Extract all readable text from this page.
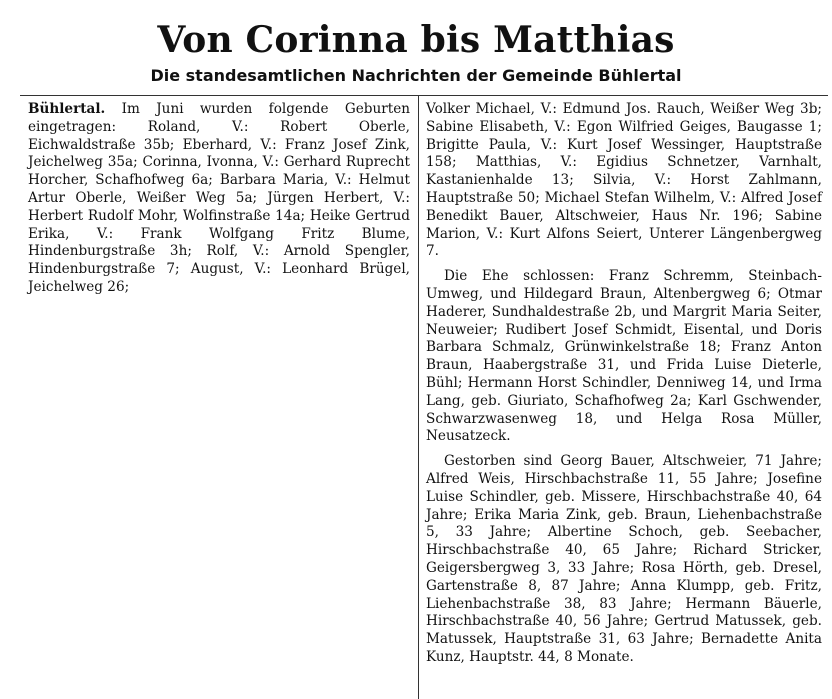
Von Corinna bis Matthias
Die standesamtlichen Nachrichten der Gemeinde Bühlertal

Bühlertal. Im Juni wurden folgende Geburten eingetragen: Roland, V.: Robert Oberle, Eichwaldstraße 35b; Eberhard, V.: Franz Josef Zink, Jeichelweg 35a; Corinna, Ivonna, V.: Gerhard Ruprecht Horcher, Schafhofweg 6a; Barbara Maria, V.: Helmut Artur Oberle, Weißer Weg 5a; Jürgen Herbert, V.: Herbert Rudolf Mohr, Wolfinstraße 14a; Heike Gertrud Erika, V.: Frank Wolfgang Fritz Blume, Hindenburgstraße 3h; Rolf, V.: Arnold Spengler, Hindenburgstraße 7; August, V.: Leonhard Brügel, Jeichelweg 26;

Volker Michael, V.: Edmund Jos. Rauch, Weißer Weg 3b; Sabine Elisabeth, V.: Egon Wilfried Geiges, Baugasse 1; Brigitte Paula, V.: Kurt Josef Wessinger, Hauptstraße 158; Matthias, V.: Egidius Schnetzer, Varnhalt, Kastanienhalde 13; Silvia, V.: Horst Zahlmann, Hauptstraße 50; Michael Stefan Wilhelm, V.: Alfred Josef Benedikt Bauer, Altschweier, Haus Nr. 196; Sabine Marion, V.: Kurt Alfons Seiert, Unterer Längenbergweg 7.

Die Ehe schlossen: Franz Schremm, Steinbach-Umweg, und Hildegard Braun, Altenbergweg 6; Otmar Haderer, Sundhaldestraße 2b, und Margrit Maria Seiter, Neuweier; Rudibert Josef Schmidt, Eisental, und Doris Barbara Schmalz, Grünwinkelstraße 18; Franz Anton Braun, Haabergstraße 31, und Frida Luise Dieterle, Bühl; Hermann Horst Schindler, Denniweg 14, und Irma Lang, geb. Giuriato, Schafhofweg 2a; Karl Gschwender, Schwarzwasenweg 18, und Helga Rosa Müller, Neusatzeck.

Gestorben sind Georg Bauer, Altschweier, 71 Jahre; Alfred Weis, Hirschbachstraße 11, 55 Jahre; Josefine Luise Schindler, geb. Missere, Hirschbachstraße 40, 64 Jahre; Erika Maria Zink, geb. Braun, Liehenbachstraße 5, 33 Jahre; Albertine Schoch, geb. Seebacher, Hirschbachstraße 40, 65 Jahre; Richard Stricker, Geigersbergweg 3, 33 Jahre; Rosa Hörth, geb. Dresel, Gartenstraße 8, 87 Jahre; Anna Klumpp, geb. Fritz, Liehenbachstraße 38, 83 Jahre; Hermann Bäuerle, Hirschbachstraße 40, 56 Jahre; Gertrud Matussek, geb. Matussek, Hauptstraße 31, 63 Jahre; Bernadette Anita Kunz, Hauptstr. 44, 8 Monate.
